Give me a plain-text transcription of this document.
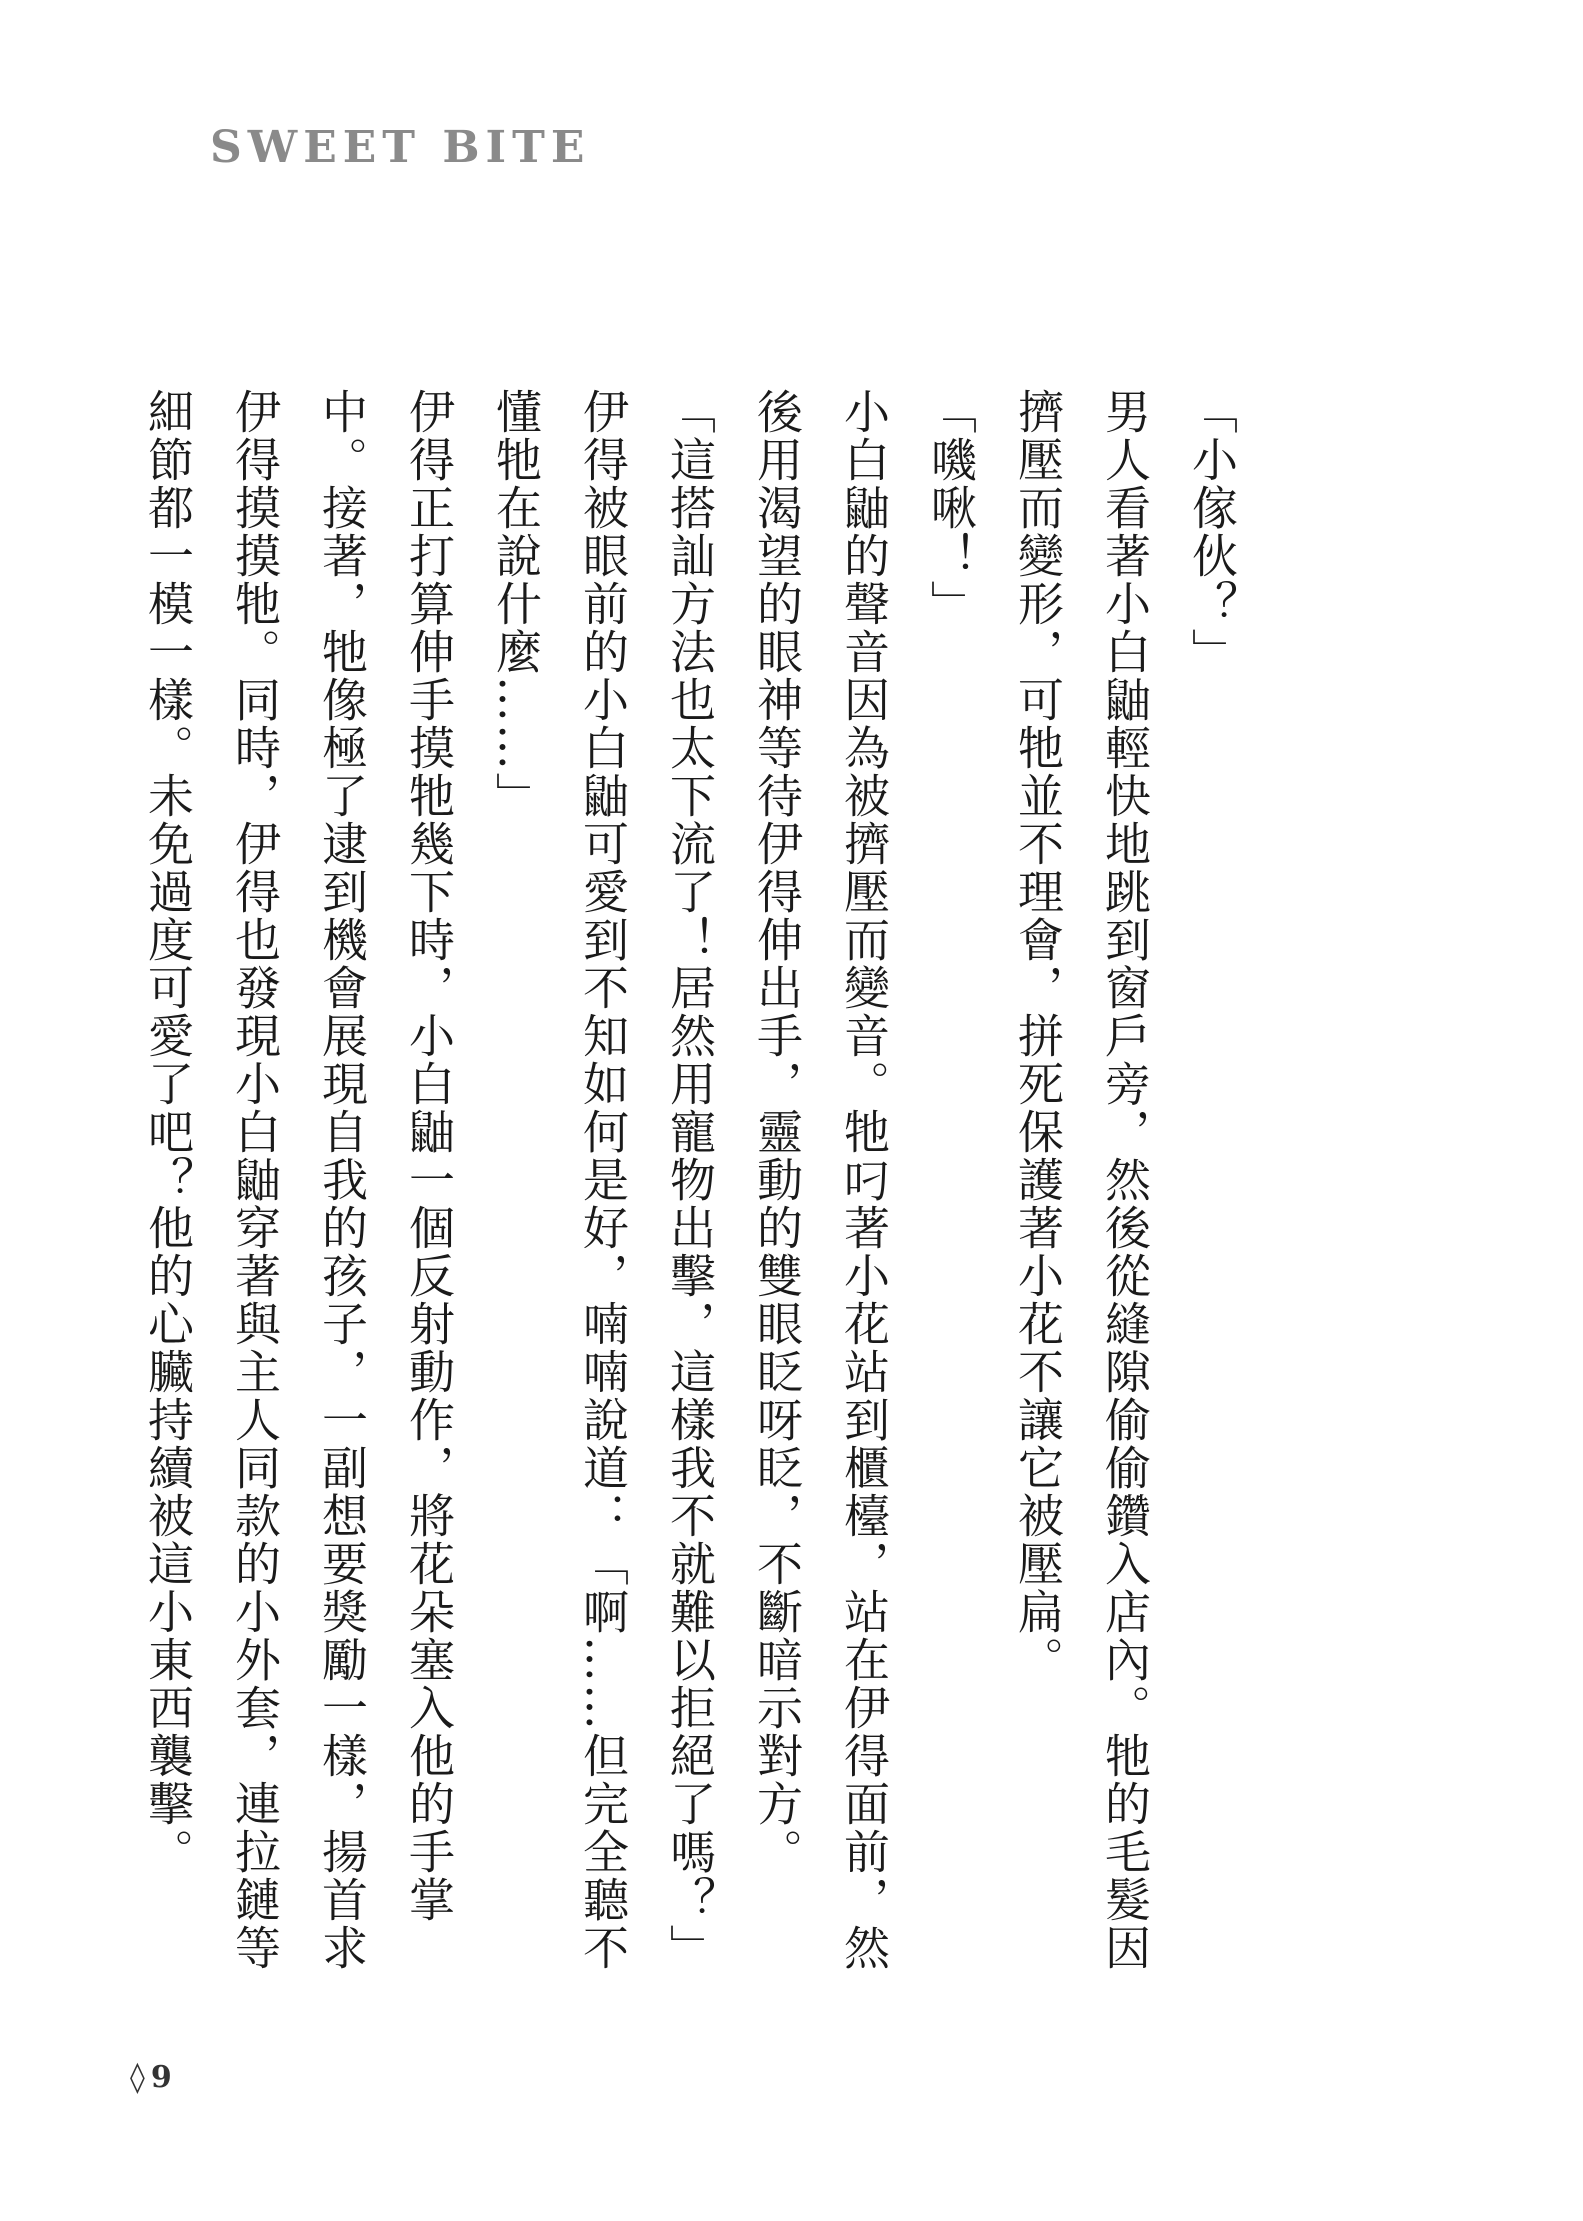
SWEET BITE

「小傢伙？」

男人看著小白鼬輕快地跳到窗戶旁，然後從縫隙偷偷鑽入店內。牠的毛髮因擠壓而變形，可牠並不理會，拼死保護著小花不讓它被壓扁。

「嘰啾！」

小白鼬的聲音因為被擠壓而變音。牠叼著小花站到櫃檯，站在伊得面前，然後用渴望的眼神等待伊得伸出手，靈動的雙眼眨呀眨，不斷暗示對方。

「這搭訕方法也太下流了！居然用寵物出擊，這樣我不就難以拒絕了嗎？」伊得被眼前的小白鼬可愛到不知如何是好，喃喃說道：「啊……但完全聽不懂牠在說什麼……」

伊得正打算伸手摸牠幾下時，小白鼬一個反射動作，將花朵塞入他的手掌中。接著，牠像極了逮到機會展現自我的孩子，一副想要獎勵一樣，揚首求伊得摸摸牠。同時，伊得也發現小白鼬穿著與主人同款的小外套，連拉鏈等細節都一模一樣。未免過度可愛了吧？他的心臟持續被這小東西襲擊。

◊ 9
